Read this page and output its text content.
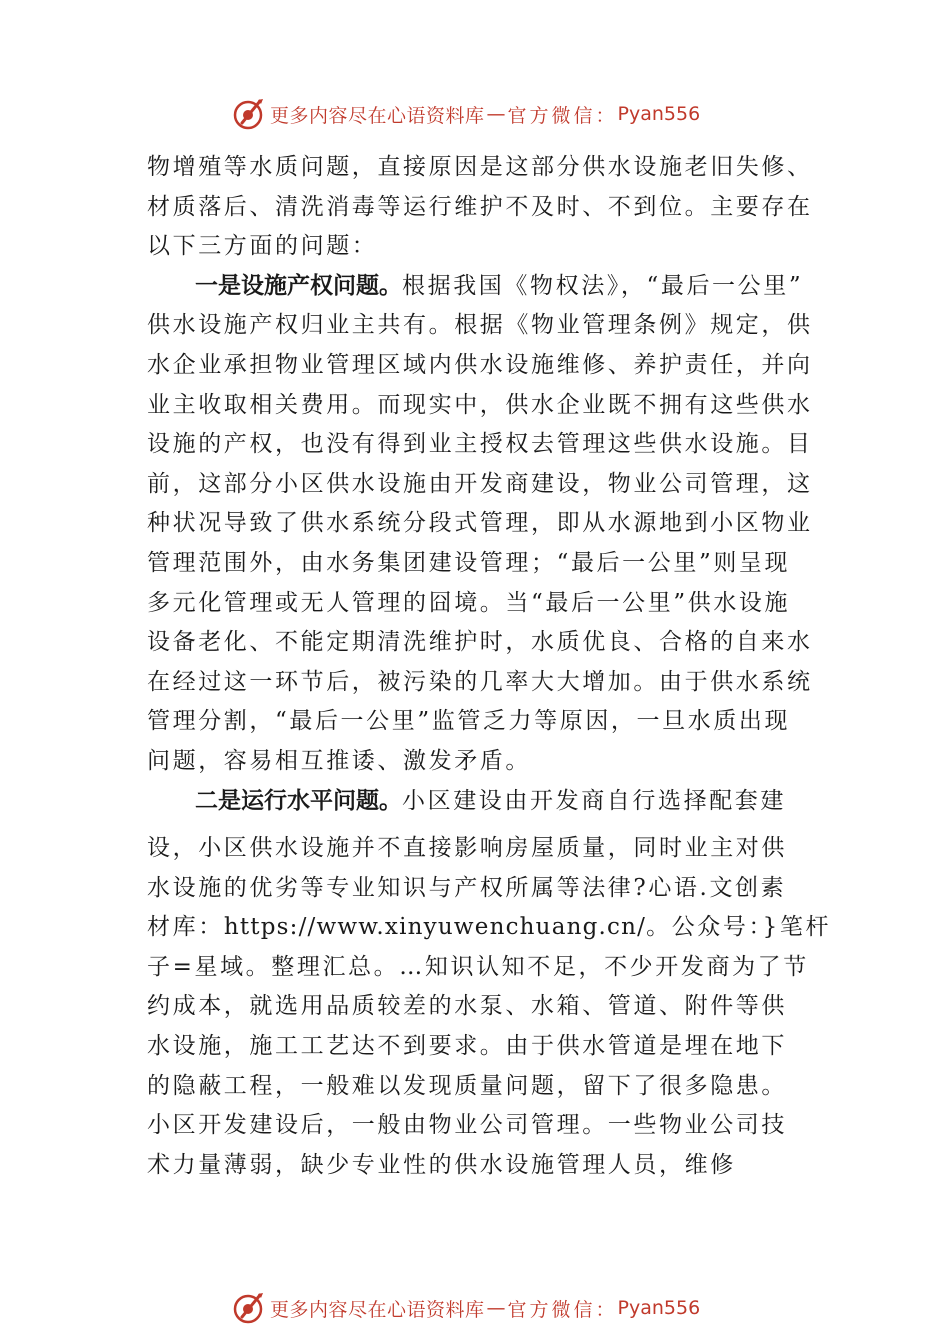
更多内容尽在心语资料库 — 官方微信： Pyan556
物增殖等水质问题，直接原因是这部分供水设施老旧失修、
材质落后、清洗消毒等运行维护不及时、不到位。主要存在
以下三方面的问题：
一是设施产权问题。根据我国《物权法》，“最后一公里”
供水设施产权归业主共有。根据《物业管理条例》规定，供
水企业承担物业管理区域内供水设施维修、养护责任，并向
业主收取相关费用。而现实中，供水企业既不拥有这些供水
设施的产权，也没有得到业主授权去管理这些供水设施。目
前，这部分小区供水设施由开发商建设，物业公司管理，这
种状况导致了供水系统分段式管理，即从水源地到小区物业
管理范围外，由水务集团建设管理；“最后一公里”则呈现
多元化管理或无人管理的囧境。当“最后一公里”供水设施
设备老化、不能定期清洗维护时，水质优良、合格的自来水
在经过这一环节后，被污染的几率大大增加。由于供水系统
管理分割，“最后一公里”监管乏力等原因，一旦水质出现
问题，容易相互推诿、激发矛盾。
二是运行水平问题。小区建设由开发商自行选择配套建
设，小区供水设施并不直接影响房屋质量，同时业主对供
水设施的优劣等专业知识与产权所属等法律?心语.文创素
材库：https://www.xinyuwenchuang.cn/。公众号：}笔杆
子=星域。整理汇总。…知识认知不足，不少开发商为了节
约成本，就选用品质较差的水泵、水箱、管道、附件等供
水设施，施工工艺达不到要求。由于供水管道是埋在地下
的隐蔽工程，一般难以发现质量问题，留下了很多隐患。
小区开发建设后，一般由物业公司管理。一些物业公司技
术力量薄弱，缺少专业性的供水设施管理人员，维修
更多内容尽在心语资料库 — 官方微信： Pyan556
